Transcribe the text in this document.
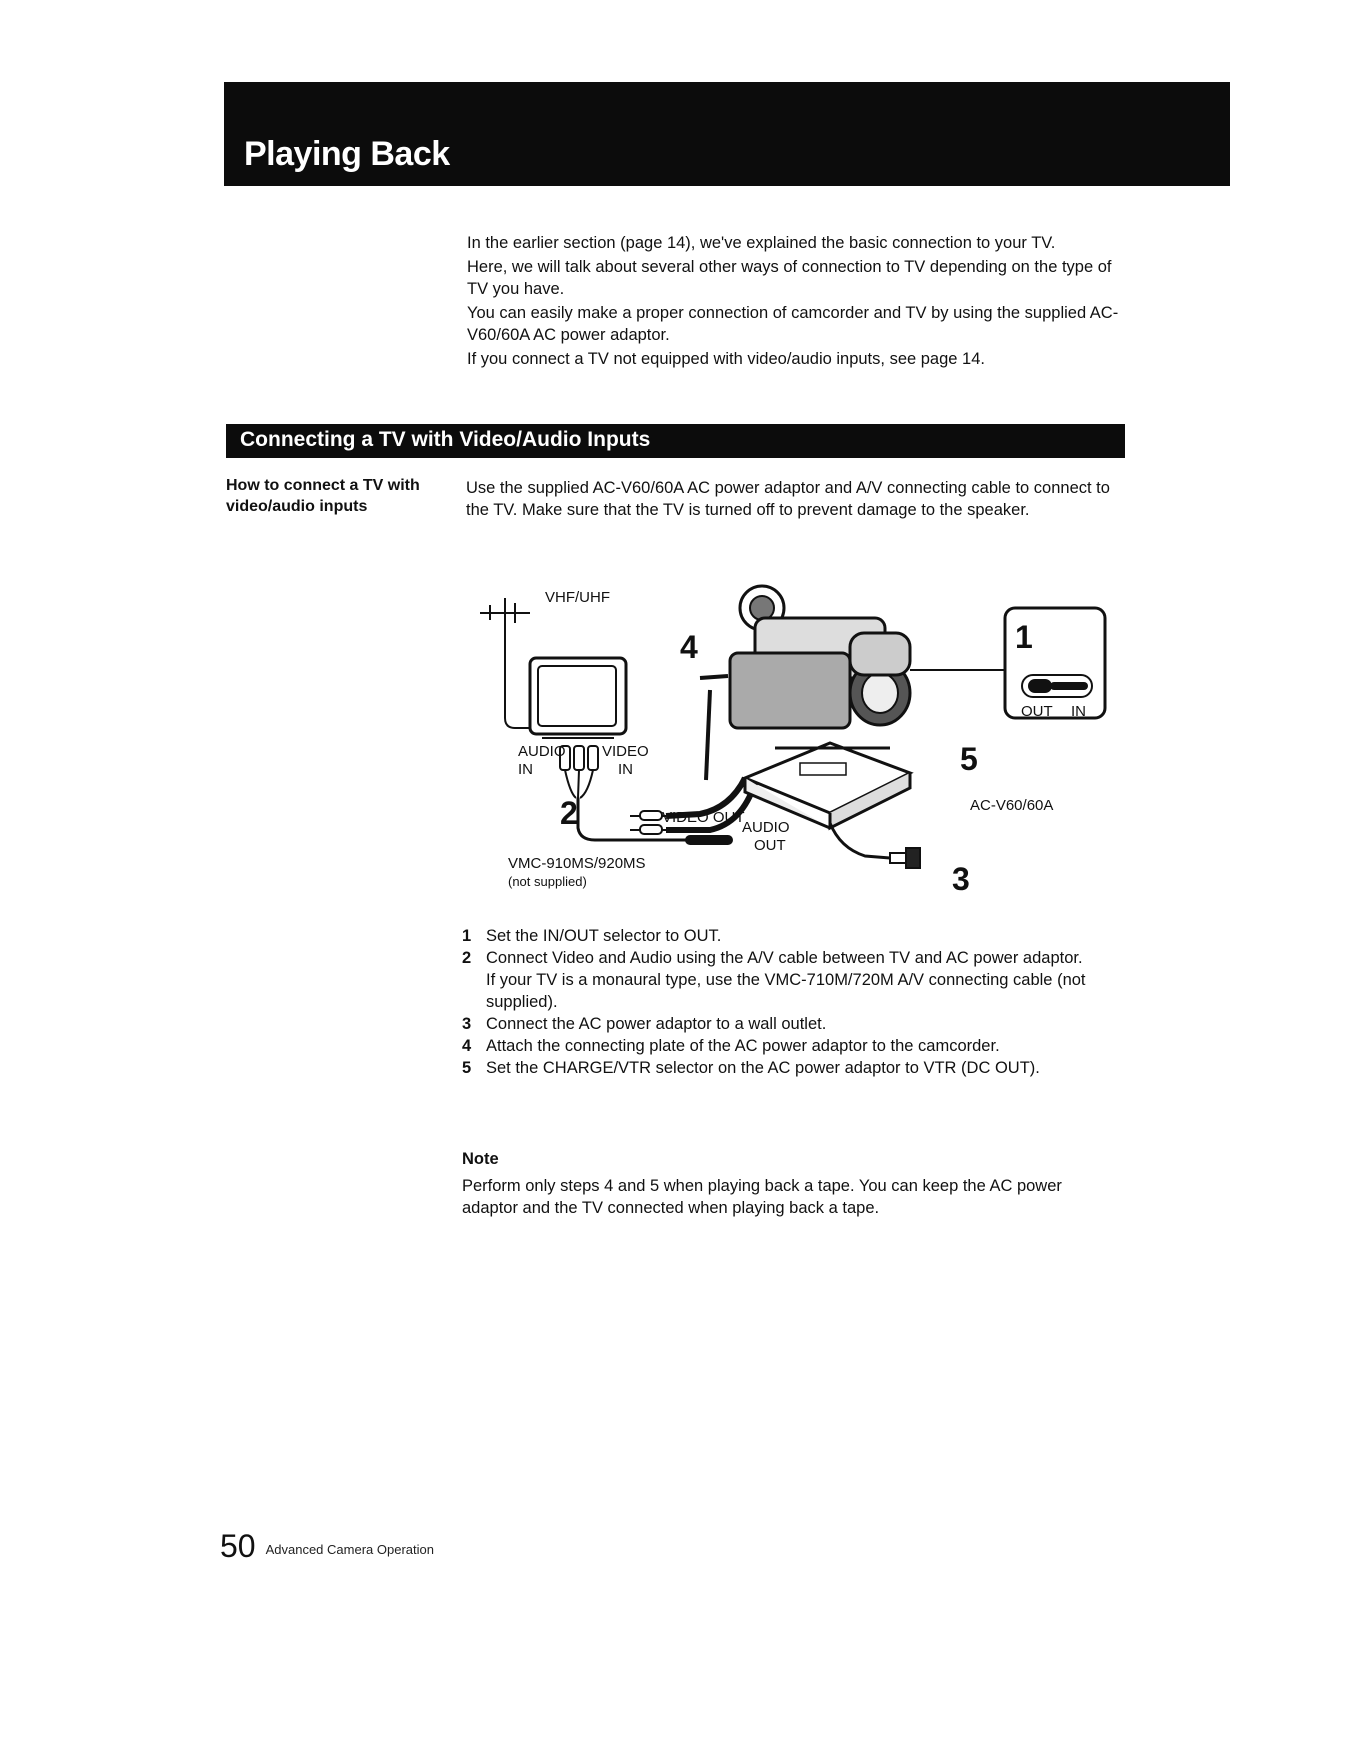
Playing Back

In the earlier section (page 14), we've explained the basic connection to your TV.

Here, we will talk about several other ways of connection to TV depending on the type of TV you have.

You can easily make a proper connection of camcorder and TV by using the supplied AC-V60/60A AC power adaptor.

If you connect a TV not equipped with video/audio inputs, see page 14.

Connecting a TV with Video/Audio Inputs
How to connect a TV with video/audio inputs
Use the supplied AC-V60/60A AC power adaptor and A/V connecting cable to connect to the TV. Make sure that the TV is turned off to prevent damage to the speaker.
VHF/UHF
AUDIO
IN
VIDEO
IN
2	VIDEO OUT
AUDIO
OUT
VMC-910MS/920MS
(not supplied)
4	1
OUT IN
5
AC-V60/60A
3
1 Set the IN/OUT selector to OUT.
2 Connect Video and Audio using the A/V cable between TV and AC power adaptor.
If your TV is a monaural type, use the VMC-710M/720M A/V connecting cable (not supplied).
3 Connect the AC power adaptor to a wall outlet.
4 Attach the connecting plate of the AC power adaptor to the camcorder.
5 Set the CHARGE/VTR selector on the AC power adaptor to VTR (DC OUT).
Note

Perform only steps 4 and 5 when playing back a tape. You can keep the AC power adaptor and the TV connected when playing back a tape.

50 Advanced Camera Operation
